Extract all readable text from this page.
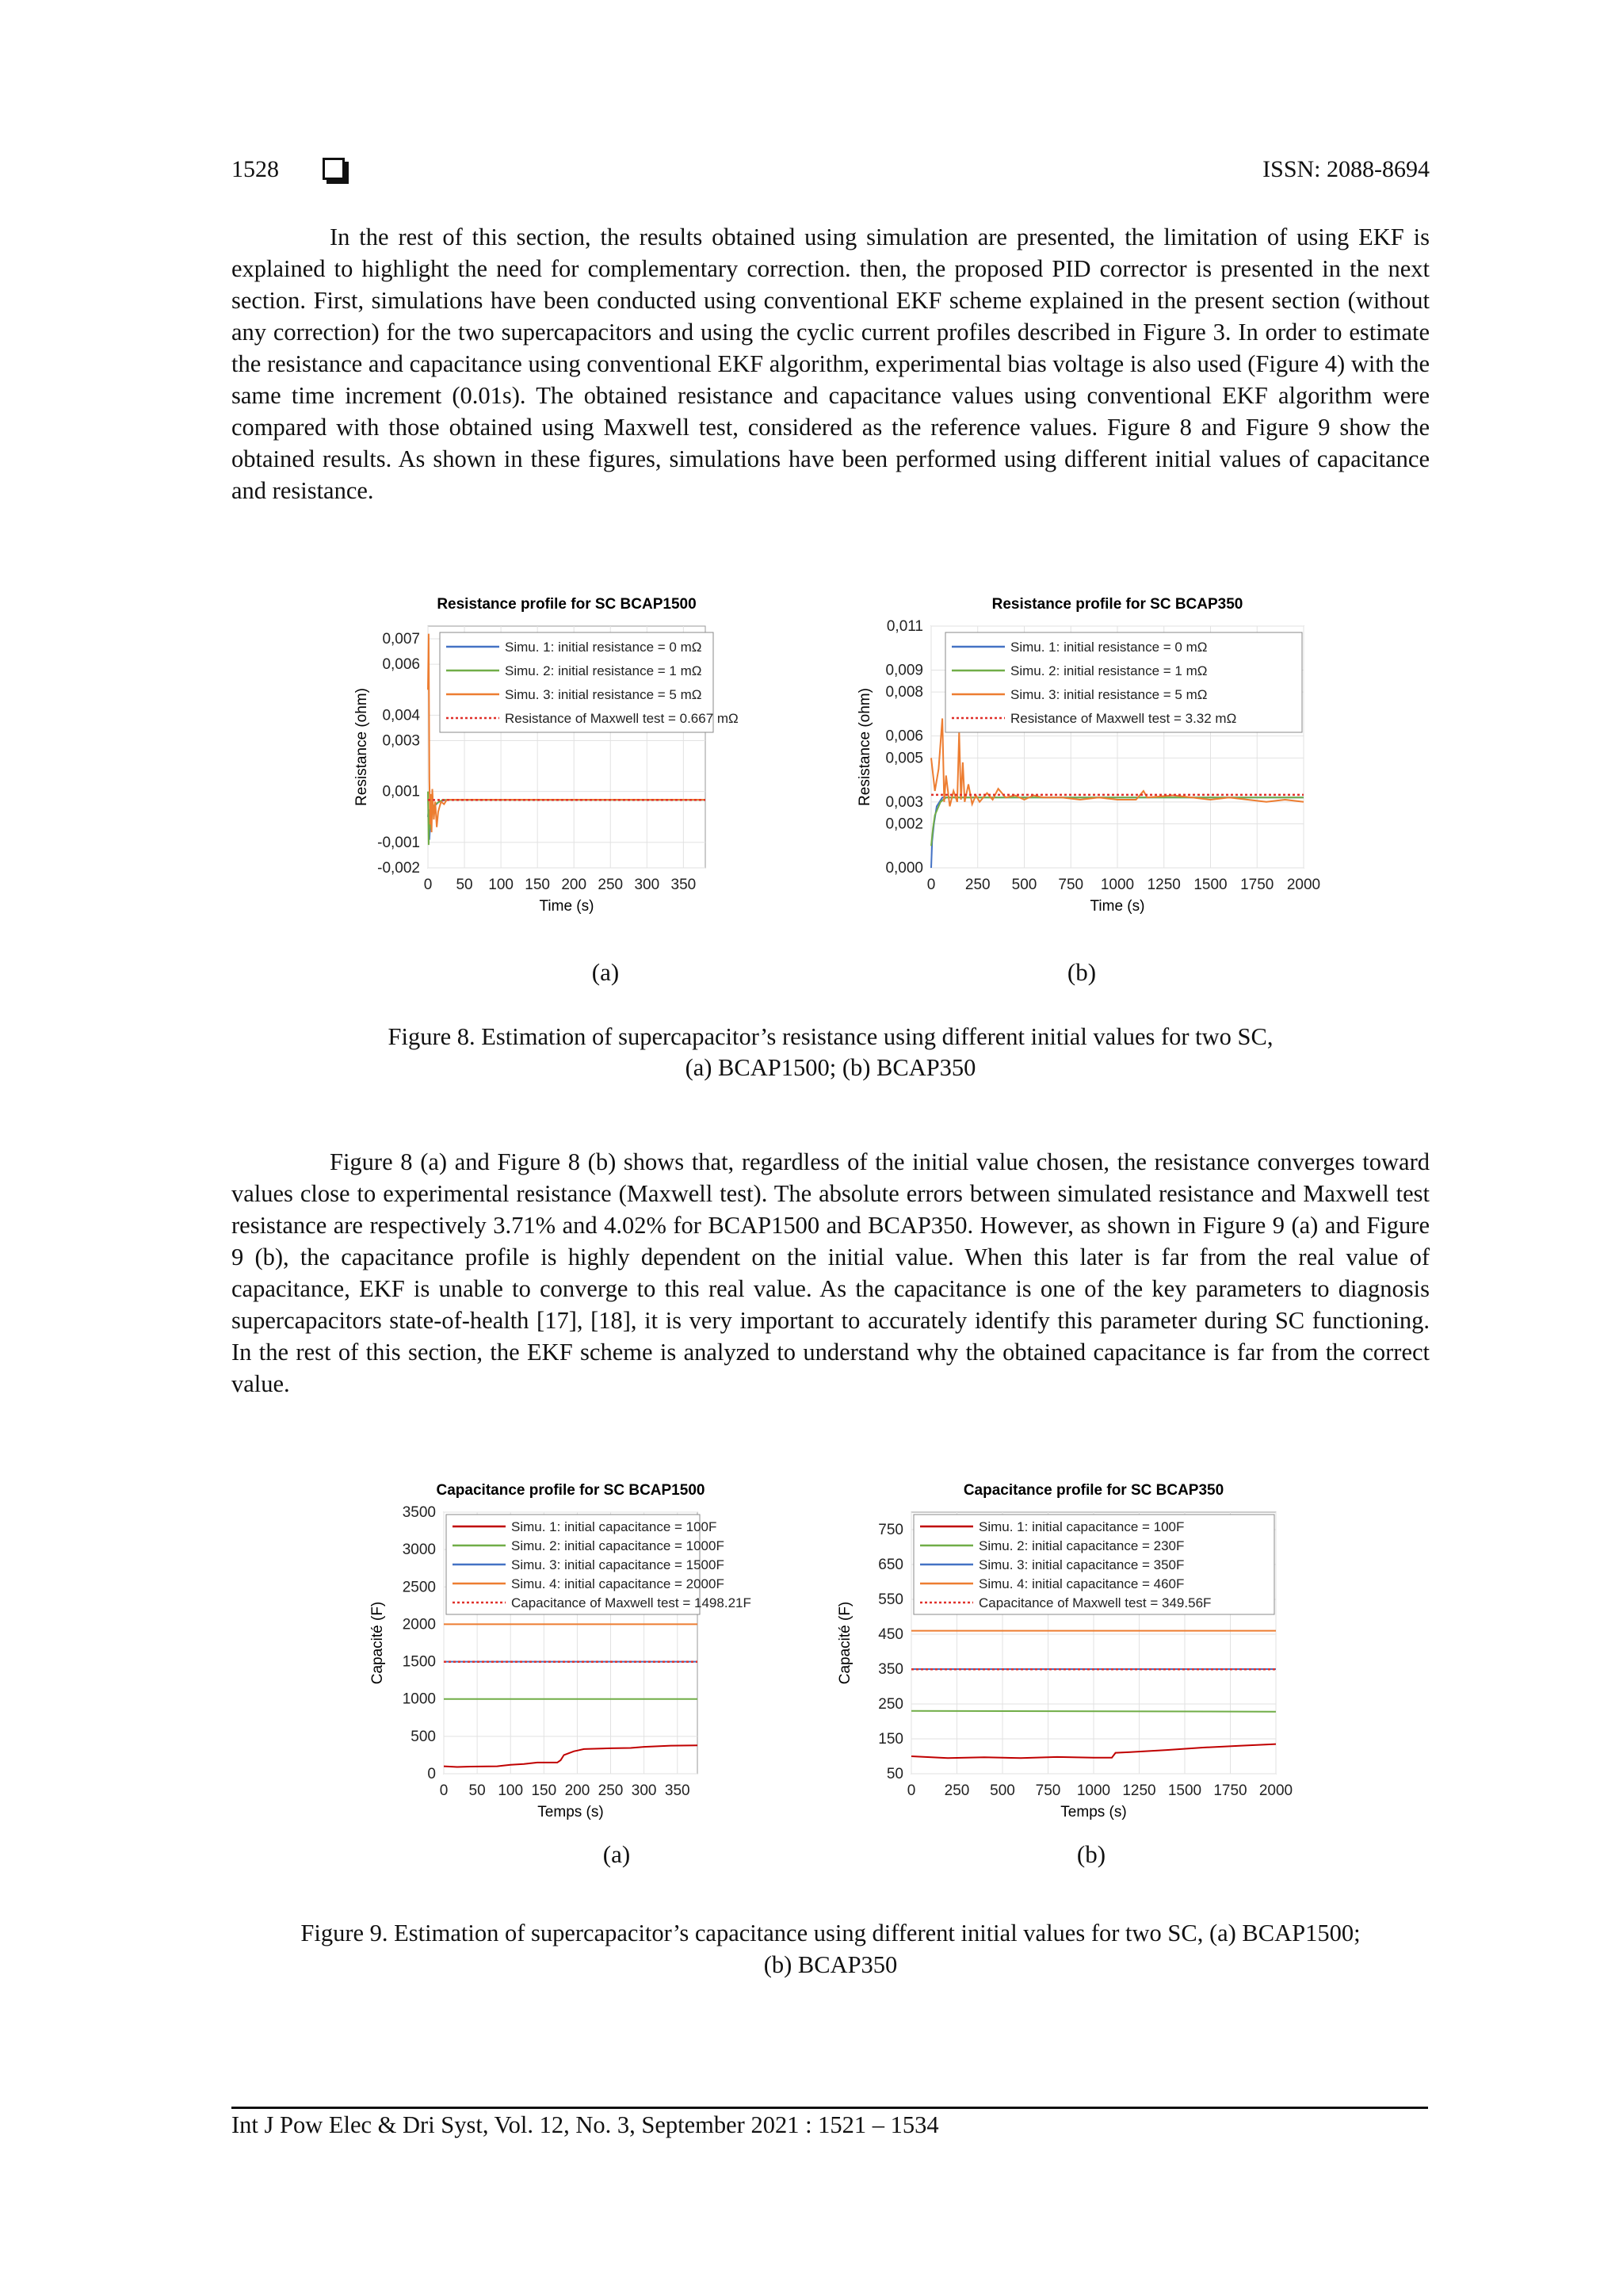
1528	ISSN: 2088-8694

In the rest of this section, the results obtained using simulation are presented, the limitation of using EKF is explained to highlight the need for complementary correction. then, the proposed PID corrector is presented in the next section. First, simulations have been conducted using conventional EKF scheme explained in the present section (without any correction) for the two supercapacitors and using the cyclic current profiles described in Figure 3. In order to estimate the resistance and capacitance using conventional EKF algorithm, experimental bias voltage is also used (Figure 4) with the same time increment (0.01s). The obtained resistance and capacitance values using conventional EKF algorithm were compared with those obtained using Maxwell test, considered as the reference values. Figure 8 and Figure 9 show the obtained results. As shown in these figures, simulations have been performed using different initial values of capacitance and resistance.

Resistance profile for SC BCAP1500
0 50 100 150 200 250 300 350
-0,002
-0,001
0,001
0,003
0,004
0,006
0,007
Time (s)
Resistance (ohm)
Simu. 1: initial resistance = 0 mΩ
Simu. 2: initial resistance = 1 mΩ
Simu. 3: initial resistance = 5 mΩ
Resistance of Maxwell test = 0.667 mΩ
Resistance profile for SC BCAP350
0 250 500 750 1000 1250 1500 1750 2000
0,000
0,002
0,003
0,005
0,006
0,008
0,009
0,011
Time (s)
Resistance (ohm)
Simu. 1: initial resistance = 0 mΩ
Simu. 2: initial resistance = 1 mΩ
Simu. 3: initial resistance = 5 mΩ
Resistance of Maxwell test = 3.32 mΩ
(a)	(b)
Figure 8. Estimation of supercapacitor’s resistance using different initial values for two SC,
(a) BCAP1500; (b) BCAP350

Figure 8 (a) and Figure 8 (b) shows that, regardless of the initial value chosen, the resistance converges toward values close to experimental resistance (Maxwell test). The absolute errors between simulated resistance and Maxwell test resistance are respectively 3.71% and 4.02% for BCAP1500 and BCAP350. However, as shown in Figure 9 (a) and Figure 9 (b), the capacitance profile is highly dependent on the initial value. When this later is far from the real value of capacitance, EKF is unable to converge to this real value. As the capacitance is one of the key parameters to diagnosis supercapacitors state-of-health [17], [18], it is very important to accurately identify this parameter during SC functioning. In the rest of this section, the EKF scheme is analyzed to understand why the obtained capacitance is far from the correct value.

Capacitance profile for SC BCAP1500
0 50 100 150 200 250 300 350
0
500
1000
1500
2000
2500
3000
3500
Temps (s)
Capacité (F)
Simu. 1: initial capacitance = 100F
Simu. 2: initial capacitance = 1000F
Simu. 3: initial capacitance = 1500F
Simu. 4: initial capacitance = 2000F
Capacitance of Maxwell test = 1498.21F
Capacitance profile for SC BCAP350
0 250 500 750 1000 1250 1500 1750 2000
50
150
250
350
450
550
650
750
Temps (s)
Capacité (F)
Simu. 1: initial capacitance = 100F
Simu. 2: initial capacitance = 230F
Simu. 3: initial capacitance = 350F
Simu. 4: initial capacitance = 460F
Capacitance of Maxwell test = 349.56F
(a)	(b)
Figure 9. Estimation of supercapacitor’s capacitance using different initial values for two SC, (a) BCAP1500;
(b) BCAP350
Int J Pow Elec & Dri Syst, Vol. 12, No. 3, September 2021 : 1521 – 1534
